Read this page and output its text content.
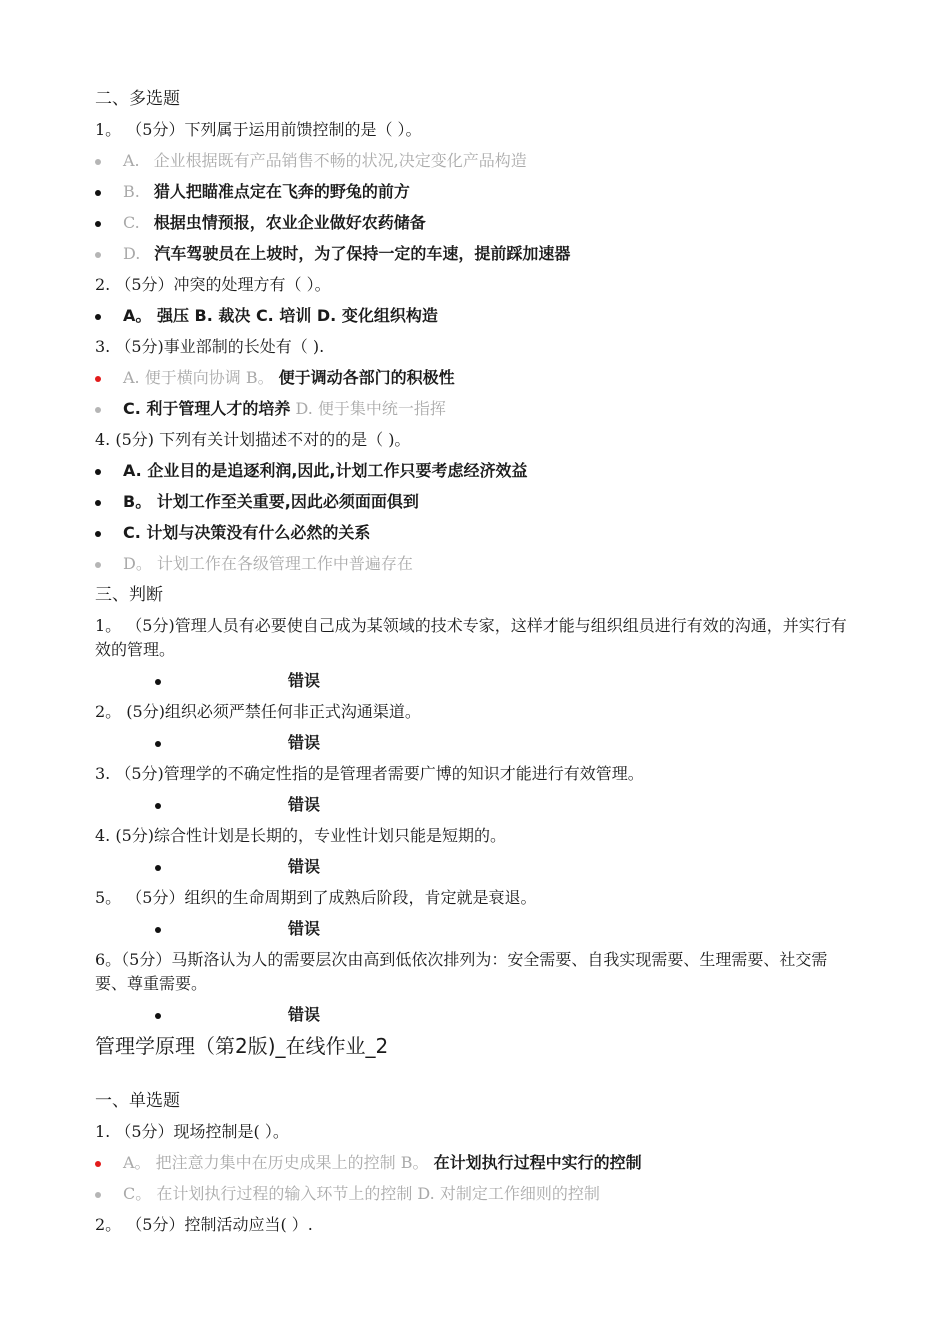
二、多选题
1。 （5分）下列属于运用前馈控制的是（ ）。
A. 企业根据既有产品销售不畅的状况,决定变化产品构造
B. 猎人把瞄准点定在飞奔的野兔的前方
C. 根据虫情预报，农业企业做好农药储备
D. 汽车驾驶员在上坡时，为了保持一定的车速，提前踩加速器
2. （5分）冲突的处理方有（ ）。
A。 强压 B. 裁决 C. 培训 D. 变化组织构造
3. （5分)事业部制的长处有（ ).
A. 便于横向协调 B。 便于调动各部门的积极性
C. 利于管理人才的培养 D. 便于集中统一指挥
4. (5分) 下列有关计划描述不对的的是（ )。
A. 企业目的是追逐利润,因此,计划工作只要考虑经济效益
B。 计划工作至关重要,因此必须面面俱到
C. 计划与决策没有什么必然的关系
D。 计划工作在各级管理工作中普遍存在
三、判断
1。 （5分)管理人员有必要使自己成为某领域的技术专家，这样才能与组织组员进行有效的沟通，并实行有效的管理。
错误
2。 (5分)组织必须严禁任何非正式沟通渠道。
错误
3. （5分)管理学的不确定性指的是管理者需要广博的知识才能进行有效管理。
错误
4. (5分)综合性计划是长期的，专业性计划只能是短期的。
错误
5。 （5分）组织的生命周期到了成熟后阶段，肯定就是衰退。
错误
6。（5分）马斯洛认为人的需要层次由高到低依次排列为：安全需要、自我实现需要、生理需要、社交需要、尊重需要。
错误
管理学原理（第2版)_在线作业_2
一、单选题
1. （5分）现场控制是( ）。
A。 把注意力集中在历史成果上的控制 B。 在计划执行过程中实行的控制
C。 在计划执行过程的输入环节上的控制 D. 对制定工作细则的控制
2。 （5分）控制活动应当( ）.
